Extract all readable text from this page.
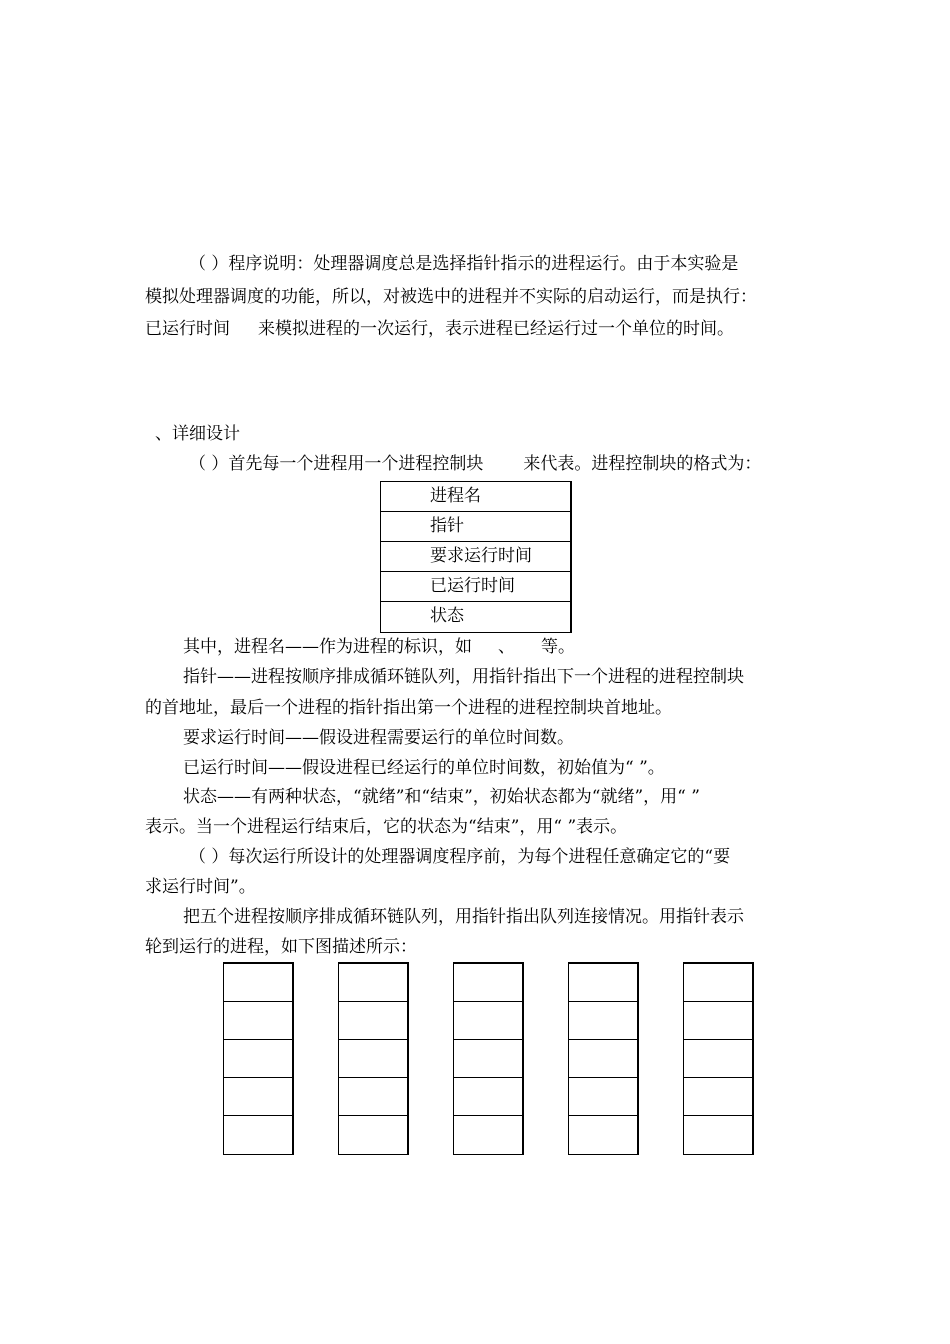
（ ）程序说明：处理器调度总是选择指针指示的进程运行。由于本实验是
模拟处理器调度的功能，所以，对被选中的进程并不实际的启动运行，而是执行：
已运行时间 来模拟进程的一次运行，表示进程已经运行过一个单位的时间。
、详细设计
（ ）首先每一个进程用一个进程控制块 来代表。进程控制块的格式为：
进程名
指针
要求运行时间
已运行时间
状态
其中，进程名——作为进程的标识，如 、 等。
指针——进程按顺序排成循环链队列，用指针指出下一个进程的进程控制块
的首地址，最后一个进程的指针指出第一个进程的进程控制块首地址。
要求运行时间——假设进程需要运行的单位时间数。
已运行时间——假设进程已经运行的单位时间数，初始值为“ ”。
状态——有两种状态，“就绪”和“结束”，初始状态都为“就绪”，用“ ”
表示。当一个进程运行结束后，它的状态为“结束”，用“ ”表示。
（ ）每次运行所设计的处理器调度程序前，为每个进程任意确定它的“要
求运行时间”。
把五个进程按顺序排成循环链队列，用指针指出队列连接情况。用指针表示
轮到运行的进程，如下图描述所示：
